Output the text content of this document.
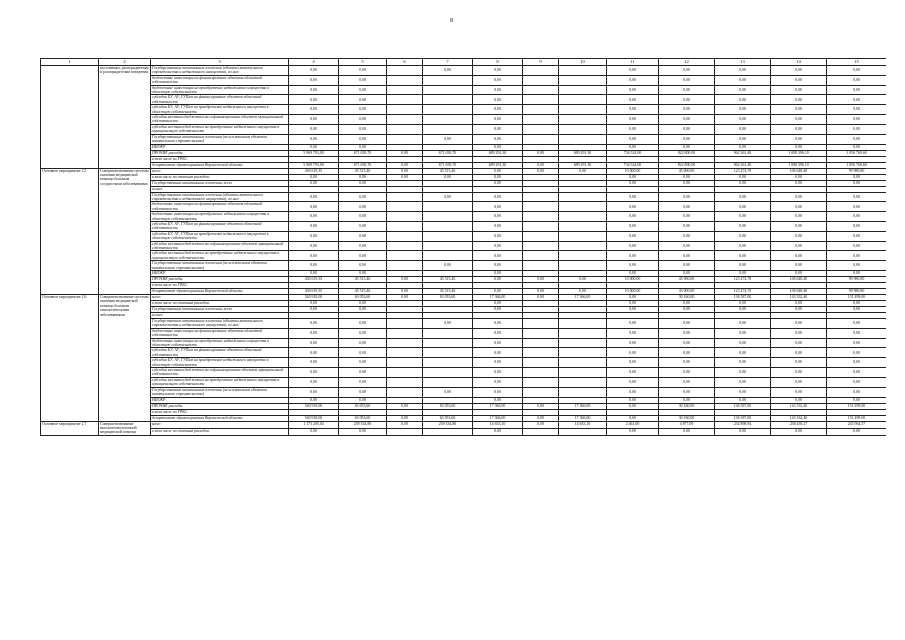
8
1	2	3	4	5	6	7	8	9	10	11	12	13	14	15
	поселениям, распорядителям и распорядителям поведения	Государственные капитальные вложения (объекты капитального строительства и недвижимого имущества), из них:	0,00	0,00		0,00	0,00			0,00	0,00	0,00	0,00	0,00
		бюджетные инвестиции на финансирование объектов областной собственности	0,00	0,00			0,00			0,00	0,00	0,00	0,00	0,00
		бюджетные инвестиции на приобретение недвижимого имущества в областную собственность	0,00	0,00			0,00			0,00	0,00	0,00	0,00	0,00
		субсидии БУ, АУ, ГУПам на финансирование объектов областной собственности	0,00	0,00			0,00			0,00	0,00	0,00	0,00	0,00
		субсидии БУ, АУ, ГУПам на приобретение недвижимого имущества в областную собственность	0,00	0,00			0,00			0,00	0,00	0,00	0,00	0,00
		субсидия местным бюджетам на софинансирование объектов муниципальной собственности	0,00	0,00			0,00			0,00	0,00	0,00	0,00	0,00
		субсидии местным бюджетам на приобретение недвижимого имущества в муниципальную собственность	0,00	0,00			0,00			0,00	0,00	0,00	0,00	0,00
		Государственные капитальные вложения (за исключением объектов капитального строительства)	0,00	0,00		0,00	0,00			0,00	0,00	0,00	0,00	0,00
		НИОКР	0,00	0,00			0,00			0,00	0,00	0,00	0,00	0,00
		ПРОЧИЕ расходы	5 969 793,00	671 650,70	0,00	671 650,70	689 291,30	0,00	689 291,30	734 524,00	822 800,00	962 361,40	1 008 396,10	1 056 769,60
		в том числе по ГРБС:												
		департамент здравоохранения Воронежской области	5 969 793,00	671 650,70	0,00	671 650,70	689 291,30	0,00	689 291,30	734 524,00	822 800,00	962 361,40	1 008 396,10	1 056 769,60
Основное мероприятие 2.5	Совершенствование системы оказания медицинской помощи больным сосудистыми заболеваниями	всего	430 619,35	45 515,46	0,00	45 515,46	0,00	0,00	0,00	10 000,00	45 000,00	123 474,70	106 648,40	99 980,80
		в том числе по статьям расходов:	0,00	0,00	0,00	0,00	0,00			0,00	0,00	0,00	0,00	0,00
		Государственные капитальные вложения, всего	0,00	0,00			0,00			0,00	0,00	0,00	0,00	0,00
		из них:												
		Государственные капитальные вложения (объекты капитального строительства и недвижимого имущества), из них:	0,00	0,00		0,00	0,00			0,00	0,00	0,00	0,00	0,00
		бюджетные инвестиции на финансирование объектов областной собственности	0,00	0,00			0,00			0,00	0,00	0,00	0,00	0,00
		бюджетные инвестиции на приобретение недвижимого имущества в областную собственность	0,00	0,00			0,00			0,00	0,00	0,00	0,00	0,00
		субсидии БУ, АУ, ГУПам на финансирование объектов областной собственности	0,00	0,00			0,00			0,00	0,00	0,00	0,00	0,00
		субсидии БУ, АУ, ГУПам на приобретение недвижимого имущества в областную собственность	0,00	0,00			0,00			0,00	0,00	0,00	0,00	0,00
		субсидии местным бюджетам на софинансирование объектов муниципальной собственности	0,00	0,00			0,00			0,00	0,00	0,00	0,00	0,00
		субсидии местным бюджетам на приобретение недвижимого имущества в муниципальную собственность	0,00	0,00			0,00			0,00	0,00	0,00	0,00	0,00
		Государственные капитальные вложения (за исключением объектов капитального строительства)	0,00	0,00		0,00	0,00			0,00	0,00	0,00	0,00	0,00
		НИОКР	0,00	0,00			0,00			0,00	0,00	0,00	0,00	0,00
		ПРОЧИЕ расходы	430 619,35	45 515,46	0,00	45 515,46	0,00	0,00	0,00	10 000,00	45 000,00	123 474,70	106 648,40	99 980,80
		в том числе по ГРБС:												
		департамент здравоохранения Воронежской области	430 619,35	45 515,46	0,00	45 515,46	0,00	0,00	0,00	10 000,00	45 000,00	123 474,70	106 648,40	99 980,80
Основное мероприятие 2.6	Совершенствование системы оказания медицинской помощи больным онкологическими заболеваниями	всего	540 918,00	63 053,60	0,00	63 053,60	17 366,00	0,00	17 366,00	0,00	30 160,00	136 587,00	143 332,40	151 499,00
		в том числе по статьям расходов:	0,00	0,00			0,00			0,00	0,00	0,00	0,00	0,00
		Государственные капитальные вложения, всего	0,00	0,00			0,00			0,00	0,00	0,00	0,00	0,00
		из них:												
		Государственные капитальные вложения (объекты капитального строительства и недвижимого имущества), из них:	0,00	0,00		0,00	0,00			0,00	0,00	0,00	0,00	0,00
		бюджетные инвестиции на финансирование объектов областной собственности	0,00	0,00			0,00			0,00	0,00	0,00	0,00	0,00
		бюджетные инвестиции на приобретение недвижимого имущества в областную собственность	0,00	0,00			0,00			0,00	0,00	0,00	0,00	0,00
		субсидии БУ, АУ, ГУПам на финансирование объектов областной собственности	0,00	0,00			0,00			0,00	0,00	0,00	0,00	0,00
		субсидии БУ, АУ, ГУПам на приобретение недвижимого имущества в областную собственность	0,00	0,00			0,00			0,00	0,00	0,00	0,00	0,00
		субсидии местным бюджетам на софинансирование объектов муниципальной собственности	0,00	0,00			0,00			0,00	0,00	0,00	0,00	0,00
		субсидии местным бюджетам на приобретение недвижимого имущества в муниципальную собственность	0,00	0,00			0,00			0,00	0,00	0,00	0,00	0,00
		Государственные капитальные вложения (за исключением объектов капитального строительства)	0,00	0,00		0,00	0,00			0,00	0,00	0,00	0,00	0,00
		НИОКР	0,00	0,00			0,00			0,00	0,00	0,00	0,00	0,00
		ПРОЧИЕ расходы	540 918,00	63 053,60	0,00	63 053,60	17 366,00	0,00	17 366,00	0,00	30 160,00	136 587,00	143 332,40	151 499,00
		в том числе по ГРБС:												
		департамент здравоохранения Воронежской области	540 918,00	63 053,60	0,00	63 053,60	17 366,00	0,00	17 366,00	0,00	30 160,00	136 587,00	143 332,40	151 499,00
Основное мероприятие 2.7	Совершенствование высокотехнологичной медицинской помощи	всего	1 173 205,04	239 334,80	0,00	239 334,80	14 633,10	0,00	14 633,10	2 461,00	4 877,09	234 898,94	238 439,27	243 964,57
		в том числе по статьям расходов:	0,00	0,00			0,00			0,00	0,00	0,00	0,00	0,00
